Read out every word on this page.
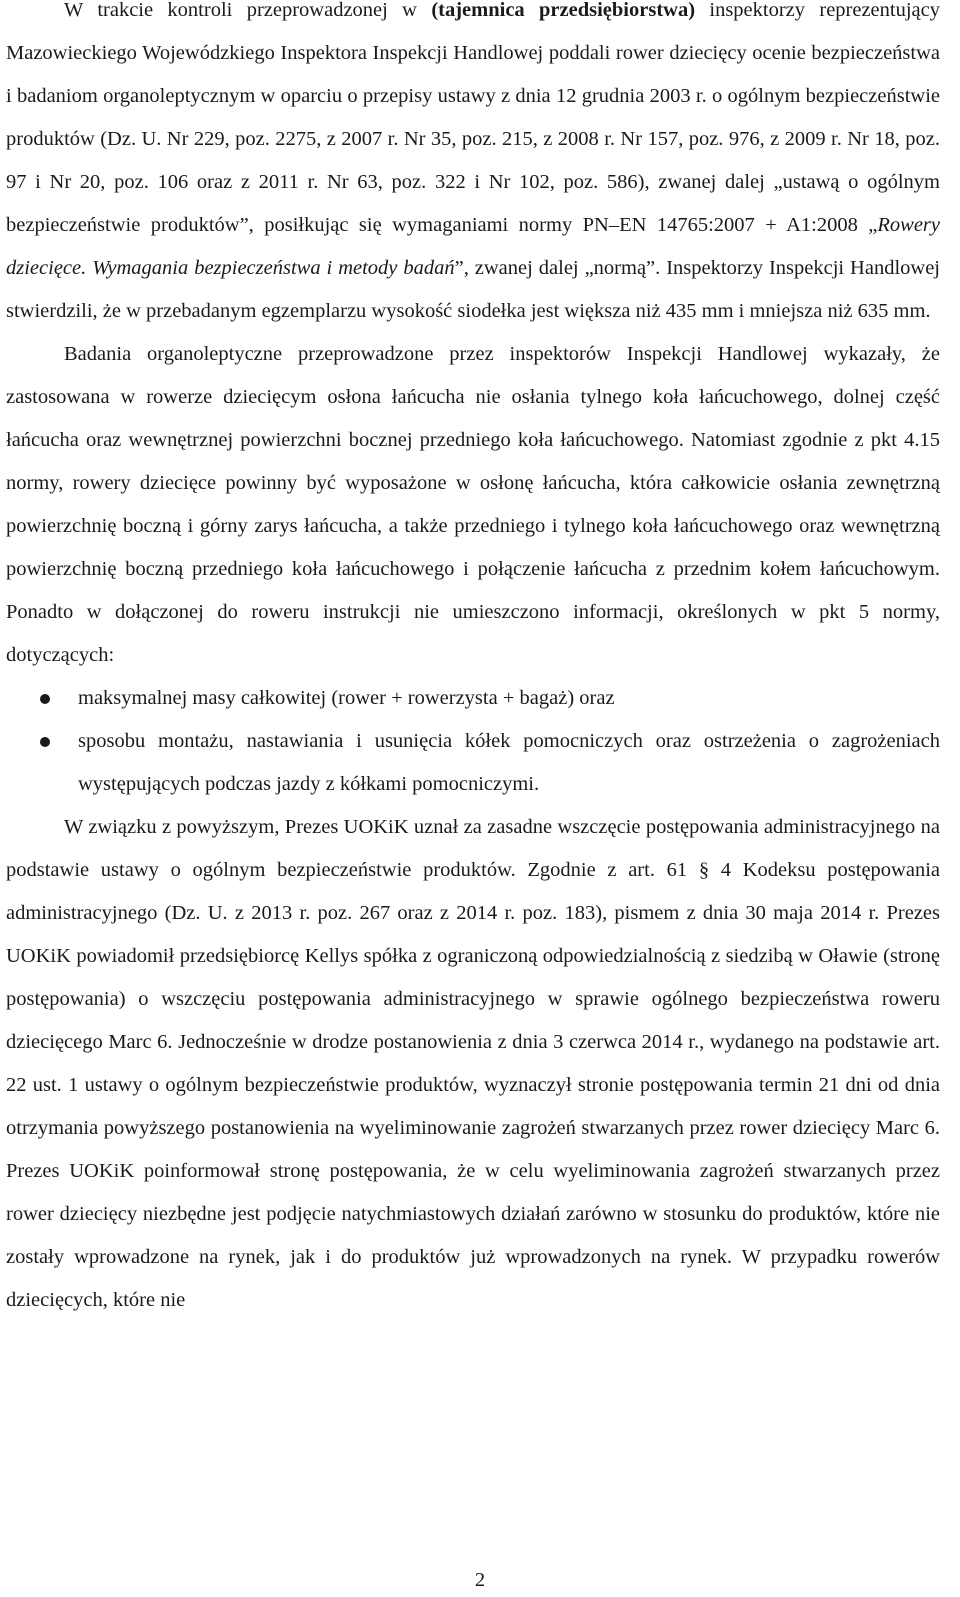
W trakcie kontroli przeprowadzonej w (tajemnica przedsiębiorstwa) inspektorzy reprezentujący Mazowieckiego Wojewódzkiego Inspektora Inspekcji Handlowej poddali rower dziecięcy ocenie bezpieczeństwa i badaniom organoleptycznym w oparciu o przepisy ustawy z dnia 12 grudnia 2003 r. o ogólnym bezpieczeństwie produktów (Dz. U. Nr 229, poz. 2275, z 2007 r. Nr 35, poz. 215, z 2008 r. Nr 157, poz. 976, z 2009 r. Nr 18, poz. 97 i Nr 20, poz. 106 oraz z 2011 r. Nr 63, poz. 322 i Nr 102, poz. 586), zwanej dalej „ustawą o ogólnym bezpieczeństwie produktów”, posiłkując się wymaganiami normy PN–EN 14765:2007 + A1:2008 „Rowery dziecięce. Wymagania bezpieczeństwa i metody badań”, zwanej dalej „normą”. Inspektorzy Inspekcji Handlowej stwierdzili, że w przebadanym egzemplarzu wysokość siodełka jest większa niż 435 mm i mniejsza niż 635 mm.

Badania organoleptyczne przeprowadzone przez inspektorów Inspekcji Handlowej wykazały, że zastosowana w rowerze dziecięcym osłona łańcucha nie osłania tylnego koła łańcuchowego, dolnej część łańcucha oraz wewnętrznej powierzchni bocznej przedniego koła łańcuchowego. Natomiast zgodnie z pkt 4.15 normy, rowery dziecięce powinny być wyposażone w osłonę łańcucha, która całkowicie osłania zewnętrzną powierzchnię boczną i górny zarys łańcucha, a także przedniego i tylnego koła łańcuchowego oraz wewnętrzną powierzchnię boczną przedniego koła łańcuchowego i połączenie łańcucha z przednim kołem łańcuchowym. Ponadto w dołączonej do roweru instrukcji nie umieszczono informacji, określonych w pkt 5 normy, dotyczących:

maksymalnej masy całkowitej (rower + rowerzysta + bagaż) oraz
sposobu montażu, nastawiania i usunięcia kółek pomocniczych oraz ostrzeżenia o zagrożeniach występujących podczas jazdy z kółkami pomocniczymi.

W związku z powyższym, Prezes UOKiK uznał za zasadne wszczęcie postępowania administracyjnego na podstawie ustawy o ogólnym bezpieczeństwie produktów. Zgodnie z art. 61 § 4 Kodeksu postępowania administracyjnego (Dz. U. z 2013 r. poz. 267 oraz z 2014 r. poz. 183), pismem z dnia 30 maja 2014 r. Prezes UOKiK powiadomił przedsiębiorcę Kellys spółka z ograniczoną odpowiedzialnością z siedzibą w Oławie (stronę postępowania) o wszczęciu postępowania administracyjnego w sprawie ogólnego bezpieczeństwa roweru dziecięcego Marc 6. Jednocześnie w drodze postanowienia z dnia 3 czerwca 2014 r., wydanego na podstawie art. 22 ust. 1 ustawy o ogólnym bezpieczeństwie produktów, wyznaczył stronie postępowania termin 21 dni od dnia otrzymania powyższego postanowienia na wyeliminowanie zagrożeń stwarzanych przez rower dziecięcy Marc 6. Prezes UOKiK poinformował stronę postępowania, że w celu wyeliminowania zagrożeń stwarzanych przez rower dziecięcy niezbędne jest podjęcie natychmiastowych działań zarówno w stosunku do produktów, które nie zostały wprowadzone na rynek, jak i do produktów już wprowadzonych na rynek. W przypadku rowerów dziecięcych, które nie

2
